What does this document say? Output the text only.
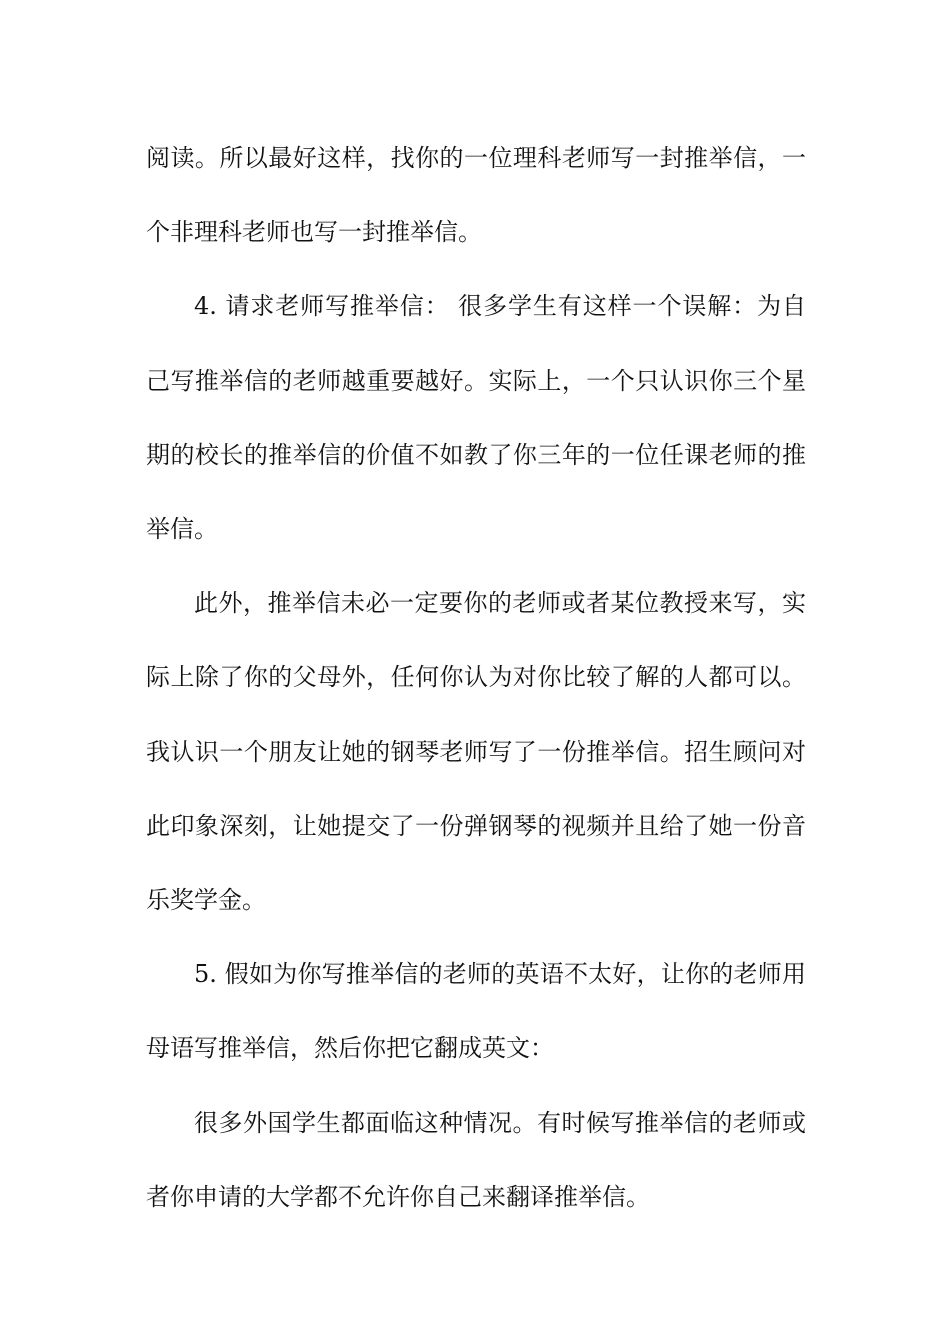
阅读。所以最好这样，找你的一位理科老师写一封推举信，一个非理科老师也写一封推举信。

4. 请求老师写推举信： 很多学生有这样一个误解：为自己写推举信的老师越重要越好。实际上，一个只认识你三个星期的校长的推举信的价值不如教了你三年的一位任课老师的推举信。

此外，推举信未必一定要你的老师或者某位教授来写，实际上除了你的父母外，任何你认为对你比较了解的人都可以。我认识一个朋友让她的钢琴老师写了一份推举信。招生顾问对此印象深刻，让她提交了一份弹钢琴的视频并且给了她一份音乐奖学金。

5. 假如为你写推举信的老师的英语不太好，让你的老师用母语写推举信，然后你把它翻成英文：

很多外国学生都面临这种情况。有时候写推举信的老师或者你申请的大学都不允许你自己来翻译推举信。
